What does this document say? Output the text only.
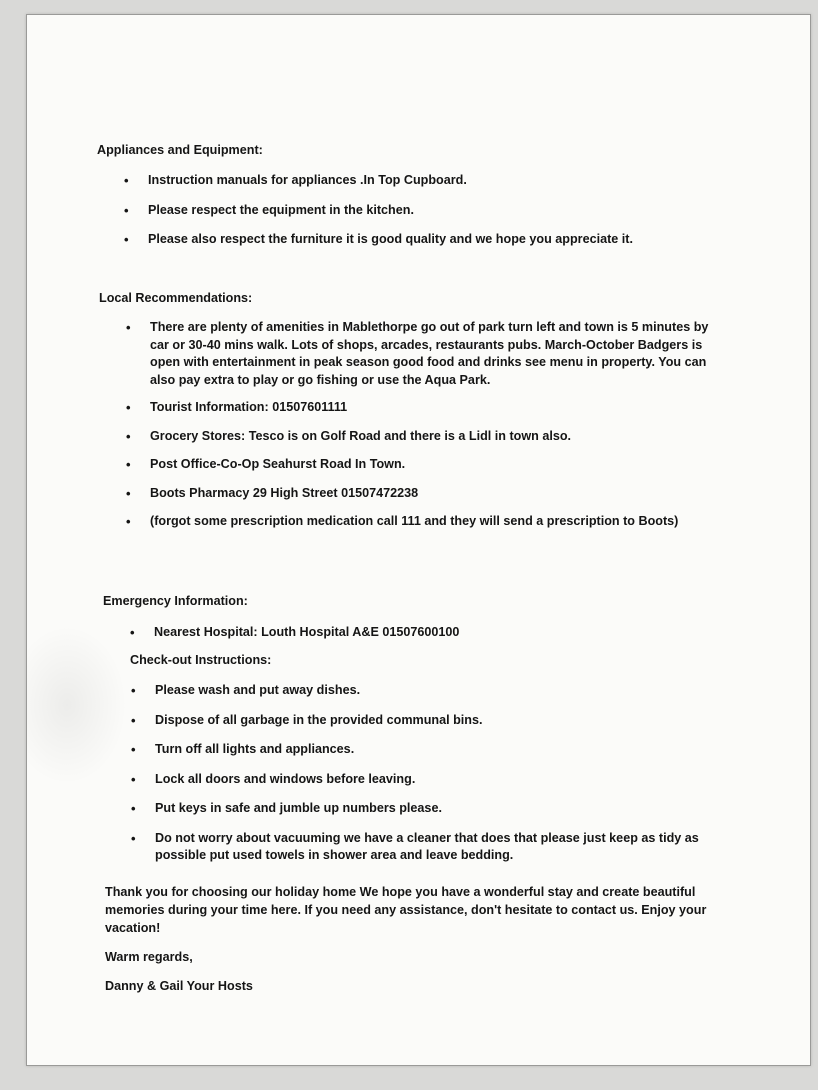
Appliances and Equipment:
• Instruction manuals for appliances .In Top Cupboard.
• Please respect the equipment in the kitchen.
• Please also respect the furniture it is good quality and we hope you appreciate it.
Local Recommendations:
• There are plenty of amenities in Mablethorpe go out of park turn left and town is 5 minutes by car or 30-40 mins walk. Lots of shops, arcades, restaurants pubs. March-October Badgers is open with entertainment in peak season good food and drinks see menu in property. You can also pay extra to play or go fishing or use the Aqua Park.
• Tourist Information: 01507601111
• Grocery Stores: Tesco is on Golf Road and there is a Lidl in town also.
• Post Office-Co-Op Seahurst Road In Town.
• Boots Pharmacy 29 High Street 01507472238
• (forgot some prescription medication call 111 and they will send a prescription to Boots)
Emergency Information:
• Nearest Hospital: Louth Hospital A&E 01507600100
Check-out Instructions:
• Please wash and put away dishes.
• Dispose of all garbage in the provided communal bins.
• Turn off all lights and appliances.
• Lock all doors and windows before leaving.
• Put keys in safe and jumble up numbers please.
• Do not worry about vacuuming we have a cleaner that does that please just keep as tidy as possible put used towels in shower area and leave bedding.

Thank you for choosing our holiday home We hope you have a wonderful stay and create beautiful memories during your time here. If you need any assistance, don't hesitate to contact us. Enjoy your vacation!

Warm regards,

Danny & Gail Your Hosts
